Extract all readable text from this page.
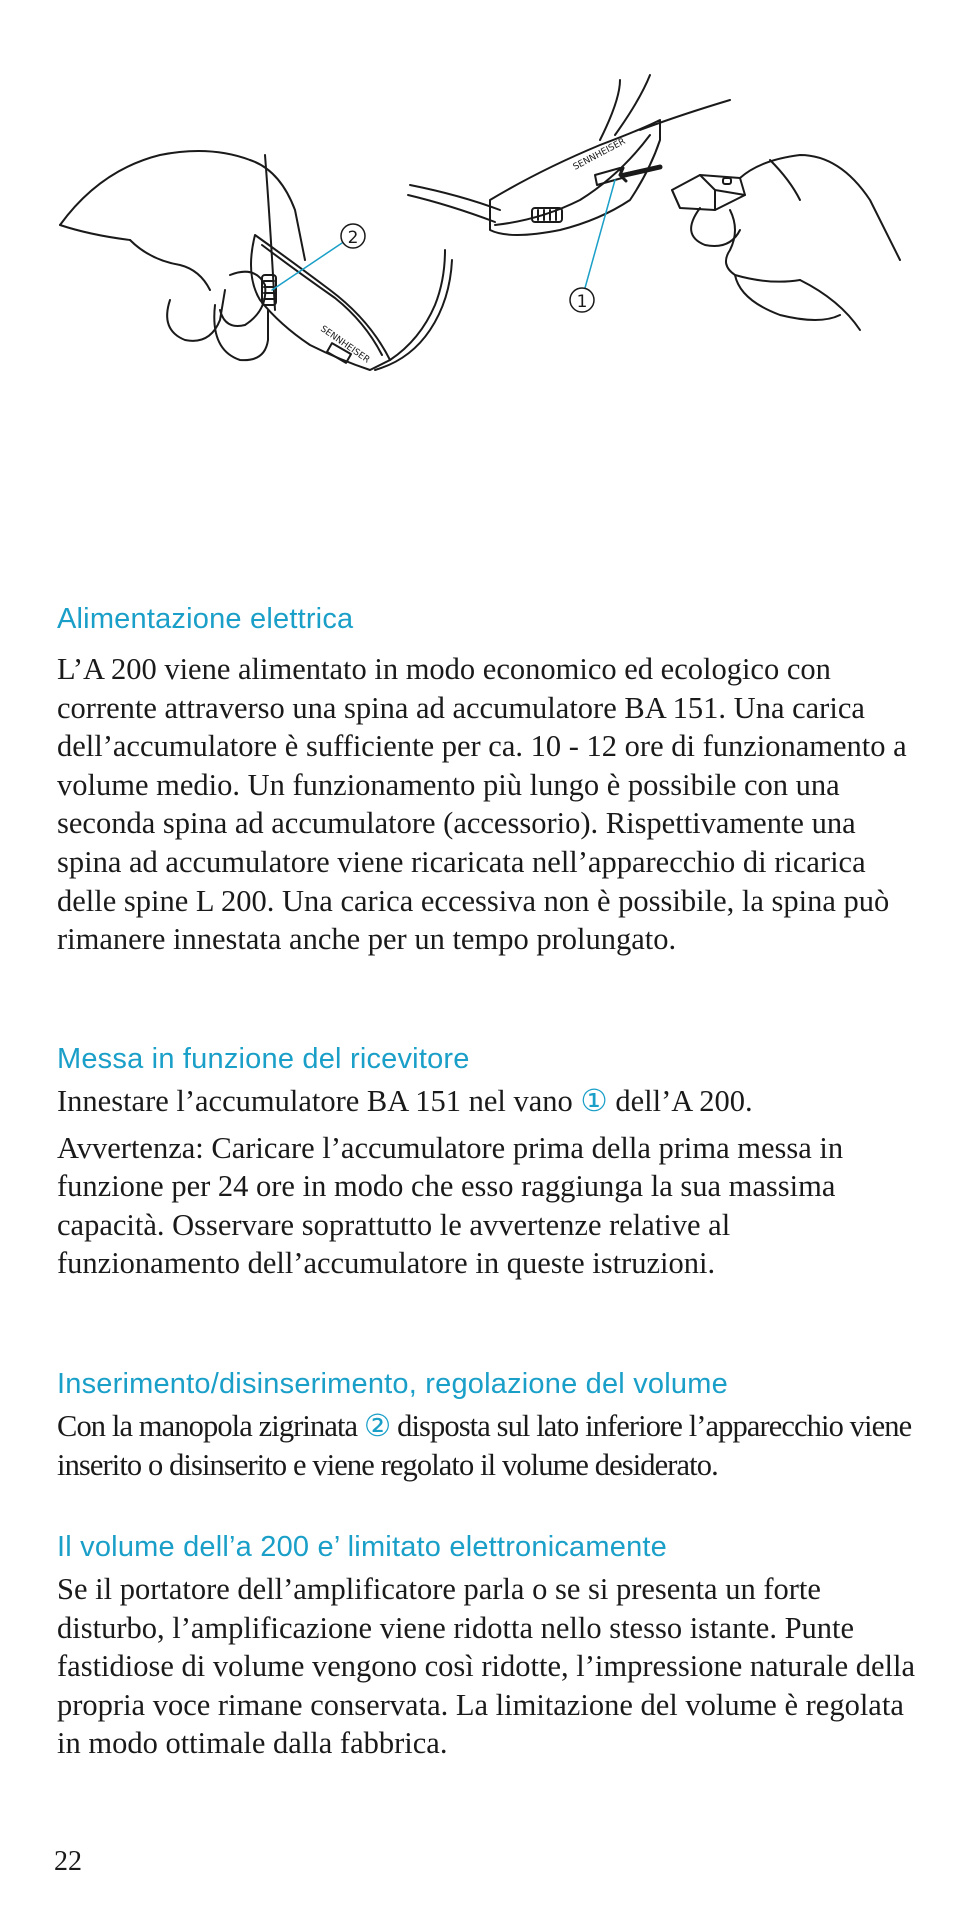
SENNHEISER
2
SENNHEISER
1
Alimentazione elettrica

L’A 200 viene alimentato in modo economico ed ecologico con corrente attraverso una spina ad accumulatore BA 151. Una carica dell’accumulatore è sufficiente per ca. 10 - 12 ore di funzionamento a volume medio. Un funzionamento più lungo è possibile con una seconda spina ad accumulatore (accessorio). Rispettivamente una spina ad accumulatore viene ricaricata nell’apparecchio di ricarica delle spine L 200. Una carica eccessiva non è possibile, la spina può rimanere innestata anche per un tempo prolungato.

Messa in funzione del ricevitore

Innestare l’accumulatore BA 151 nel vano ① dell’A 200.

Avvertenza: Caricare l’accumulatore prima della prima messa in funzione per 24 ore in modo che esso raggiunga la sua massima capacità. Osservare soprattutto le avvertenze relative al funzionamento dell’accumulatore in queste istruzioni.

Inserimento/disinserimento, regolazione del volume

Con la manopola zigrinata ② disposta sul lato inferiore l’apparecchio viene inserito o disinserito e viene regolato il volume desiderato.

Il volume dell’a 200 e’ limitato elettronicamente

Se il portatore dell’amplificatore parla o se si presenta un forte disturbo, l’amplificazione viene ridotta nello stesso istante. Punte fastidiose di volume vengono così ridotte, l’impressione naturale della propria voce rimane conservata. La limitazione del volume è regolata in modo ottimale dalla fabbrica.

22
